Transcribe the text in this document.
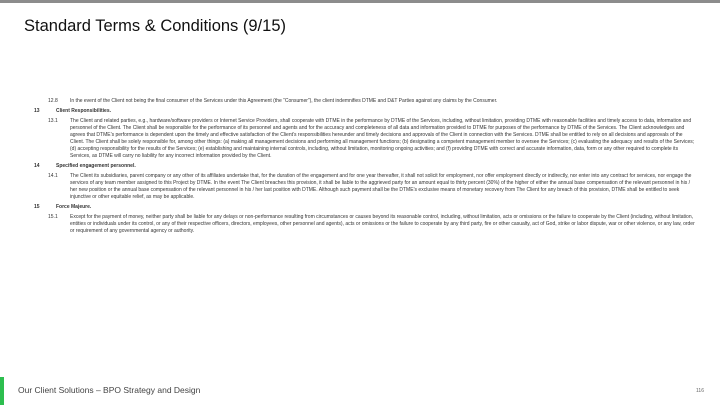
Standard Terms & Conditions (9/15)
12.8	In the event of the Client not being the final consumer of the Services under this Agreement (the “Consumer”), the client indemnifies DTME and D&T Parties against any claims by the Consumer.
13	Client Responsibilities.
13.1	The Client and related parties, e.g., hardware/software providers or Internet Service Providers, shall cooperate with DTME in the performance by DTME of the Services, including, without limitation, providing DTME with reasonable facilities and timely access to data, information and personnel of the Client. The Client shall be responsible for the performance of its personnel and agents and for the accuracy and completeness of all data and information provided to DTME for purposes of the performance by DTME of the Services. The Client acknowledges and agrees that DTME’s performance is dependent upon the timely and effective satisfaction of the Client’s responsibilities hereunder and timely decisions and approvals of the Client in connection with the Services. DTME shall be entitled to rely on all decisions and approvals of the Client. The Client shall be solely responsible for, among other things: (a) making all management decisions and performing all management functions; (b) designating a competent management member to oversee the Services; (c) evaluating the adequacy and results of the Services; (d) accepting responsibility for the results of the Services; (e) establishing and maintaining internal controls, including, without limitation, monitoring ongoing activities; and (f) providing DTME with correct and accurate information, data, form or any other required to complete its Services, as DTME will carry no liability for any incorrect information provided by the Client.
14	Specified engagement personnel.
14.1	The Client its subsidiaries, parent company or any other of its affiliates undertake that, for the duration of the engagement and for one year thereafter, it shall not solicit for employment, nor offer employment directly or indirectly, nor enter into any contract for services, nor engage the services of any team member assigned to this Project by DTME. In the event The Client breaches this provision, it shall be liable to the aggrieved party for an amount equal to thirty percent (30%) of the higher of either the annual base compensation of the relevant personnel in his / her new position or the annual base compensation of the relevant personnel in his / her last position with DTME. Although such payment shall be the DTME’s exclusive means of monetary recovery from The Client for any breach of this provision, DTME shall be entitled to seek injunctive or other equitable relief, as may be applicable.
15	Force Majeure.
15.1	Except for the payment of money, neither party shall be liable for any delays or non-performance resulting from circumstances or causes beyond its reasonable control, including, without limitation, acts or omissions or the failure to cooperate by the Client (including, without limitation, entities or individuals under its control, or any of their respective officers, directors, employees, other personnel and agents), acts or omissions or the failure to cooperate by any third party, fire or other casualty, act of God, strike or labor dispute, war or other violence, or any law, order or requirement of any governmental agency or authority.
Our Client Solutions – BPO Strategy and Design	116
